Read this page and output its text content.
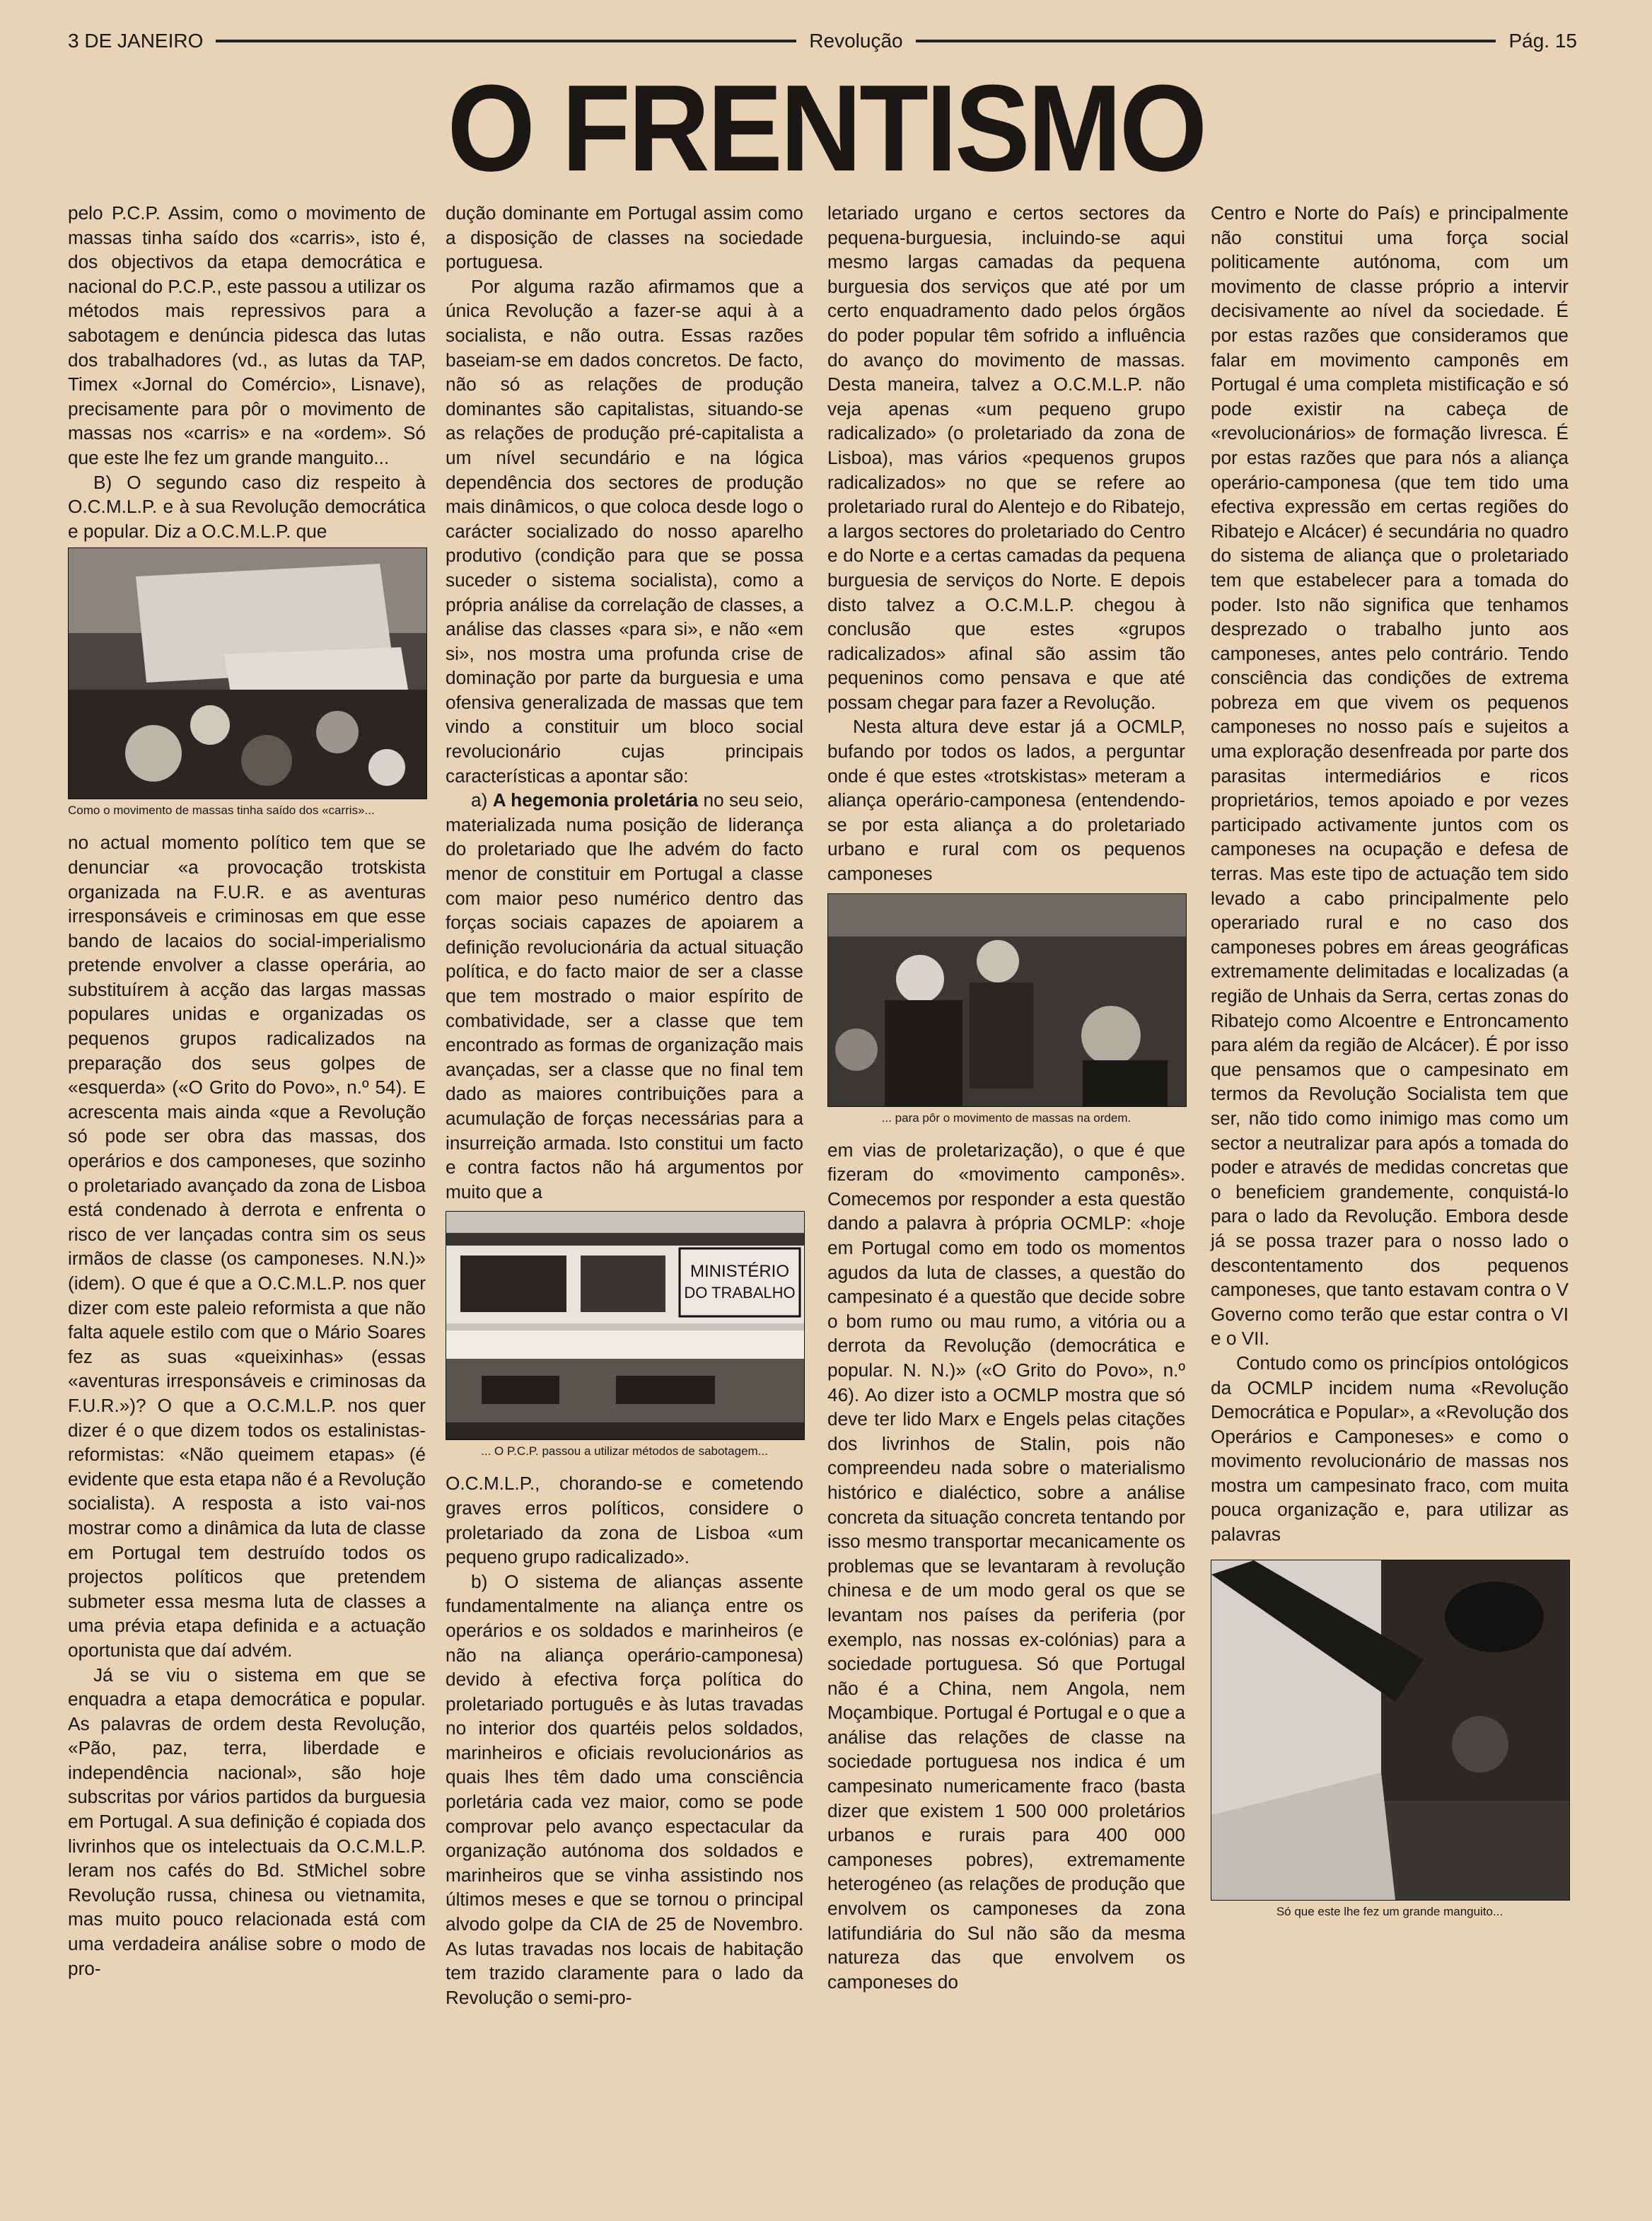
3 DE JANEIRO	Revolução	Pág. 15
O FRENTISMO

pelo P.C.P. Assim, como o movimento de massas tinha saído dos «carris», isto é, dos objectivos da etapa democrática e nacional do P.C.P., este passou a utilizar os métodos mais repressivos para a sabotagem e denúncia pidesca das lutas dos trabalhadores (vd., as lutas da TAP, Timex «Jornal do Comércio», Lisnave), precisamente para pôr o movimento de massas nos «carris» e na «ordem». Só que este lhe fez um grande manguito...

B) O segundo caso diz respeito à O.C.M.L.P. e à sua Revolução democrática e popular. Diz a O.C.M.L.P. que

Como o movimento de massas tinha saído dos «carris»...

no actual momento político tem que se denunciar «a provocação trotskista organizada na F.U.R. e as aventuras irresponsáveis e criminosas em que esse bando de lacaios do social-imperialismo pretende envolver a classe operária, ao substituírem à acção das largas massas populares unidas e organizadas os pequenos grupos radicalizados na preparação dos seus golpes de «esquerda» («O Grito do Povo», n.º 54). E acrescenta mais ainda «que a Revolução só pode ser obra das massas, dos operários e dos camponeses, que sozinho o proletariado avançado da zona de Lisboa está condenado à derrota e enfrenta o risco de ver lançadas contra sim os seus irmãos de classe (os camponeses. N.N.)» (idem). O que é que a O.C.M.L.P. nos quer dizer com este paleio reformista a que não falta aquele estilo com que o Mário Soares fez as suas «queixinhas» (essas «aventuras irresponsáveis e criminosas da F.U.R.»)? O que a O.C.M.L.P. nos quer dizer é o que dizem todos os estalinistas-reformistas: «Não queimem etapas» (é evidente que esta etapa não é a Revolução socialista). A resposta a isto vai-nos mostrar como a dinâmica da luta de classe em Portugal tem destruído todos os projectos políticos que pretendem submeter essa mesma luta de classes a uma prévia etapa definida e a actuação oportunista que daí advém.

Já se viu o sistema em que se enquadra a etapa democrática e popular. As palavras de ordem desta Revolução, «Pão, paz, terra, liberdade e independência nacional», são hoje subscritas por vários partidos da burguesia em Portugal. A sua definição é copiada dos livrinhos que os intelectuais da O.C.M.L.P. leram nos cafés do Bd. StMichel sobre Revolução russa, chinesa ou vietnamita, mas muito pouco relacionada está com uma verdadeira análise sobre o modo de pro-

dução dominante em Portugal assim como a disposição de classes na sociedade portuguesa.

Por alguma razão afirmamos que a única Revolução a fazer-se aqui à a socialista, e não outra. Essas razões baseiam-se em dados concretos. De facto, não só as relações de produção dominantes são capitalistas, situando-se as relações de produção pré-capitalista a um nível secundário e na lógica dependência dos sectores de produção mais dinâmicos, o que coloca desde logo o carácter socializado do nosso aparelho produtivo (condição para que se possa suceder o sistema socialista), como a própria análise da correlação de classes, a análise das classes «para si», e não «em si», nos mostra uma profunda crise de dominação por parte da burguesia e uma ofensiva generalizada de massas que tem vindo a constituir um bloco social revolucionário cujas principais características a apontar são:

a) A hegemonia proletária no seu seio, materializada numa posição de liderança do proletariado que lhe advém do facto menor de constituir em Portugal a classe com maior peso numérico dentro das forças sociais capazes de apoiarem a definição revolucionária da actual situação política, e do facto maior de ser a classe que tem mostrado o maior espírito de combatividade, ser a classe que tem encontrado as formas de organização mais avançadas, ser a classe que no final tem dado as maiores contribuições para a acumulação de forças necessárias para a insurreição armada. Isto constitui um facto e contra factos não há argumentos por muito que a

MINISTÉRIO
DO TRABALHO
... O P.C.P. passou a utilizar métodos de sabotagem...

O.C.M.L.P., chorando-se e cometendo graves erros políticos, considere o proletariado da zona de Lisboa «um pequeno grupo radicalizado».

b) O sistema de alianças assente fundamentalmente na aliança entre os operários e os soldados e marinheiros (e não na aliança operário-camponesa) devido à efectiva força política do proletariado português e às lutas travadas no interior dos quartéis pelos soldados, marinheiros e oficiais revolucionários as quais lhes têm dado uma consciência porletária cada vez maior, como se pode comprovar pelo avanço espectacular da organização autónoma dos soldados e marinheiros que se vinha assistindo nos últimos meses e que se tornou o principal alvodo golpe da CIA de 25 de Novembro. As lutas travadas nos locais de habitação tem trazido claramente para o lado da Revolução o semi-pro-

letariado urgano e certos sectores da pequena-burguesia, incluindo-se aqui mesmo largas camadas da pequena burguesia dos serviços que até por um certo enquadramento dado pelos órgãos do poder popular têm sofrido a influência do avanço do movimento de massas. Desta maneira, talvez a O.C.M.L.P. não veja apenas «um pequeno grupo radicalizado» (o proletariado da zona de Lisboa), mas vários «pequenos grupos radicalizados» no que se refere ao proletariado rural do Alentejo e do Ribatejo, a largos sectores do proletariado do Centro e do Norte e a certas camadas da pequena burguesia de serviços do Norte. E depois disto talvez a O.C.M.L.P. chegou à conclusão que estes «grupos radicalizados» afinal são assim tão pequeninos como pensava e que até possam chegar para fazer a Revolução.

Nesta altura deve estar já a OCMLP, bufando por todos os lados, a perguntar onde é que estes «trotskistas» meteram a aliança operário-camponesa (entendendo-se por esta aliança a do proletariado urbano e rural com os pequenos camponeses

... para pôr o movimento de massas na ordem.

em vias de proletarização), o que é que fizeram do «movimento camponês». Comecemos por responder a esta questão dando a palavra à própria OCMLP: «hoje em Portugal como em todo os momentos agudos da luta de classes, a questão do campesinato é a questão que decide sobre o bom rumo ou mau rumo, a vitória ou a derrota da Revolução (democrática e popular. N. N.)» («O Grito do Povo», n.º 46). Ao dizer isto a OCMLP mostra que só deve ter lido Marx e Engels pelas citações dos livrinhos de Stalin, pois não compreendeu nada sobre o materialismo histórico e dialéctico, sobre a análise concreta da situação concreta tentando por isso mesmo transportar mecanicamente os problemas que se levantaram à revolução chinesa e de um modo geral os que se levantam nos países da periferia (por exemplo, nas nossas ex-colónias) para a sociedade portuguesa. Só que Portugal não é a China, nem Angola, nem Moçambique. Portugal é Portugal e o que a análise das relações de classe na sociedade portuguesa nos indica é um campesinato numericamente fraco (basta dizer que existem 1 500 000 proletários urbanos e rurais para 400 000 camponeses pobres), extremamente heterogéneo (as relações de produção que envolvem os camponeses da zona latifundiária do Sul não são da mesma natureza das que envolvem os camponeses do

Centro e Norte do País) e principalmente não constitui uma força social politicamente autónoma, com um movimento de classe próprio a intervir decisivamente ao nível da sociedade. É por estas razões que consideramos que falar em movimento camponês em Portugal é uma completa mistificação e só pode existir na cabeça de «revolucionários» de formação livresca. É por estas razões que para nós a aliança operário-camponesa (que tem tido uma efectiva expressão em certas regiões do Ribatejo e Alcácer) é secundária no quadro do sistema de aliança que o proletariado tem que estabelecer para a tomada do poder. Isto não significa que tenhamos desprezado o trabalho junto aos camponeses, antes pelo contrário. Tendo consciência das condições de extrema pobreza em que vivem os pequenos camponeses no nosso país e sujeitos a uma exploração desenfreada por parte dos parasitas intermediários e ricos proprietários, temos apoiado e por vezes participado activamente juntos com os camponeses na ocupação e defesa de terras. Mas este tipo de actuação tem sido levado a cabo principalmente pelo operariado rural e no caso dos camponeses pobres em áreas geográficas extremamente delimitadas e localizadas (a região de Unhais da Serra, certas zonas do Ribatejo como Alcoentre e Entroncamento para além da região de Alcácer). É por isso que pensamos que o campesinato em termos da Revolução Socialista tem que ser, não tido como inimigo mas como um sector a neutralizar para após a tomada do poder e através de medidas concretas que o beneficiem grandemente, conquistá-lo para o lado da Revolução. Embora desde já se possa trazer para o nosso lado o descontentamento dos pequenos camponeses, que tanto estavam contra o V Governo como terão que estar contra o VI e o VII.

Contudo como os princípios ontológicos da OCMLP incidem numa «Revolução Democrática e Popular», a «Revolução dos Operários e Camponeses» e como o movimento revolucionário de massas nos mostra um campesinato fraco, com muita pouca organização e, para utilizar as palavras

Só que este lhe fez um grande manguito...
